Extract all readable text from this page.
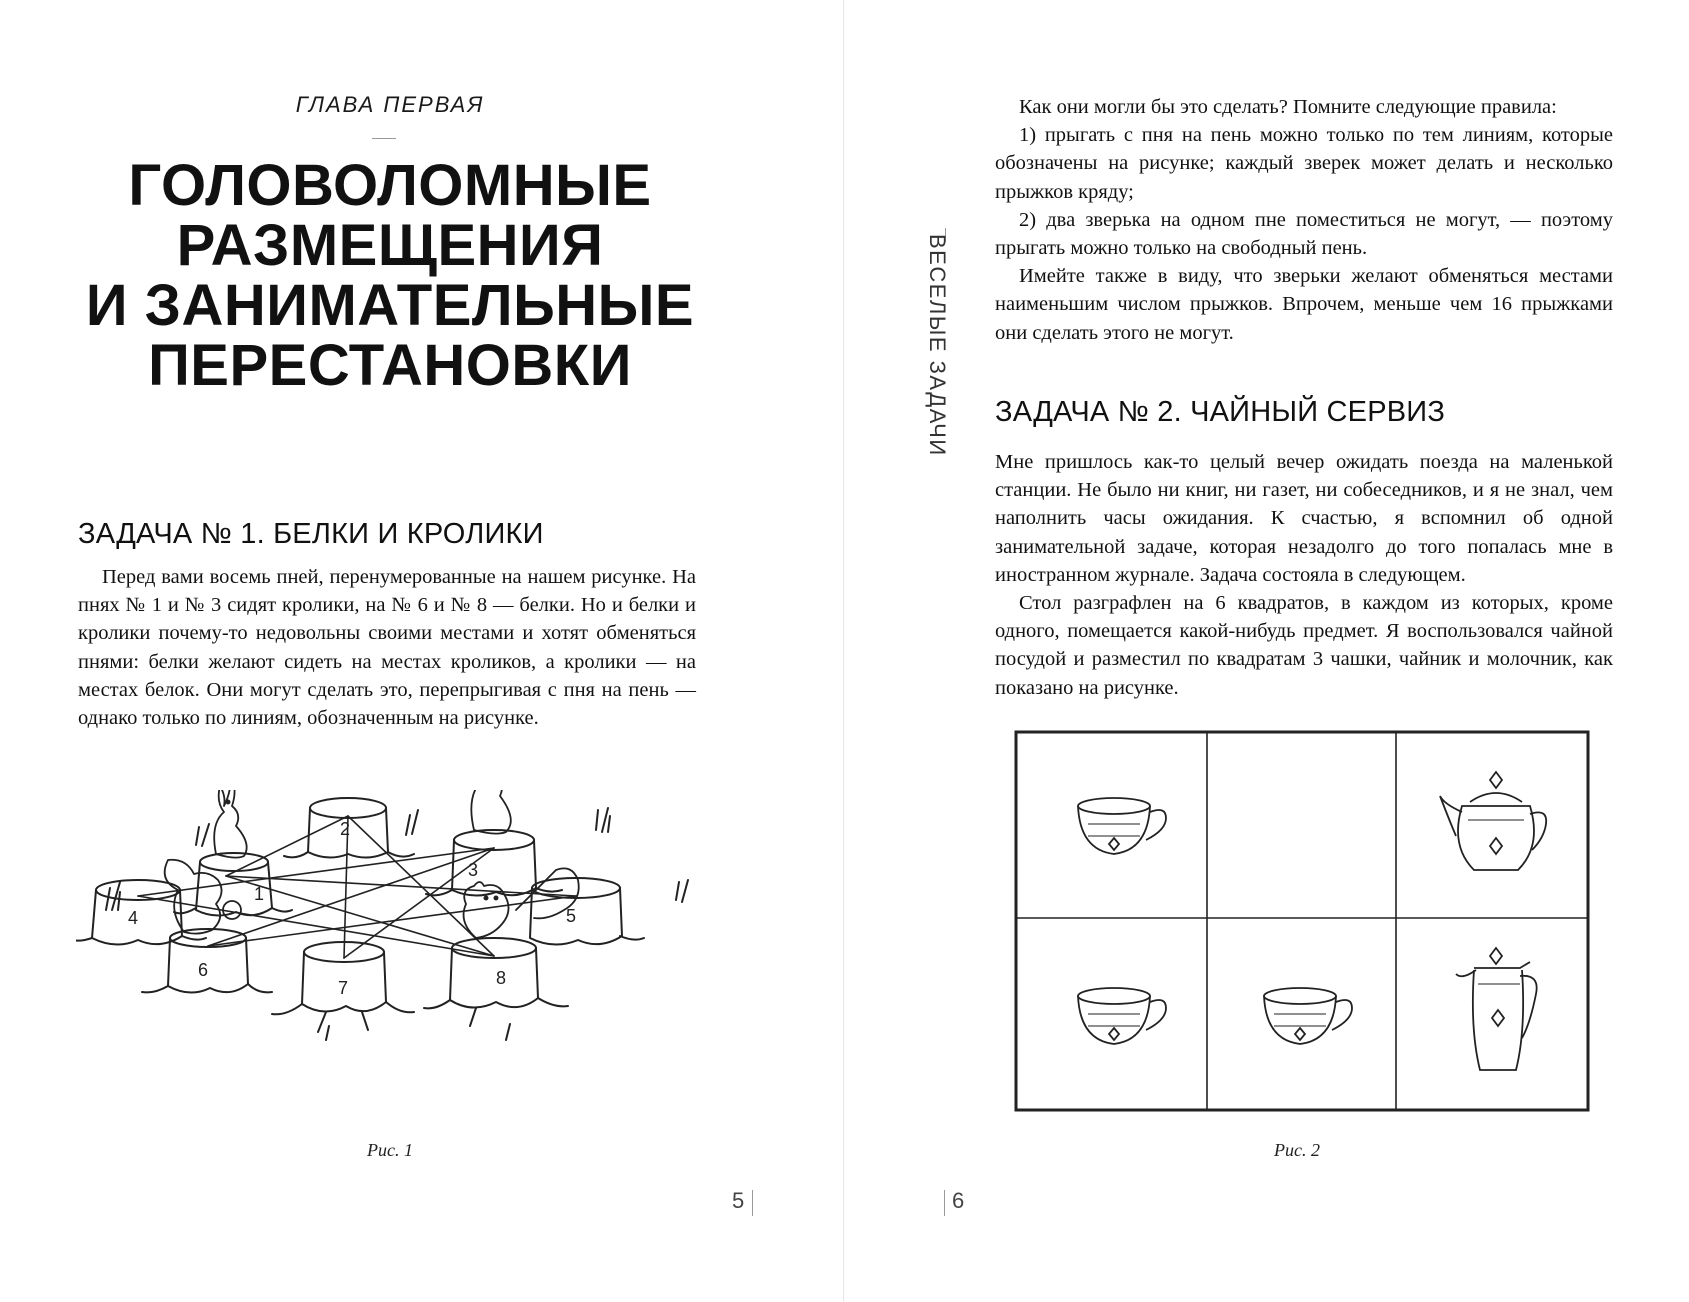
ГЛАВА ПЕРВАЯ
ГОЛОВОЛОМНЫЕ
РАЗМЕЩЕНИЯ
И ЗАНИМАТЕЛЬНЫЕ
ПЕРЕСТАНОВКИ
ЗАДАЧА № 1. БЕЛКИ И КРОЛИКИ

Перед вами восемь пней, перенумерованные на нашем рисунке. На пнях № 1 и № 3 сидят кролики, на № 6 и № 8 — белки. Но и белки и кролики почему-то недовольны своими местами и хотят обменяться пнями: белки желают сидеть на местах кроликов, а кролики — на местах белок. Они могут сделать это, перепрыгивая с пня на пень — однако только по линиям, обозначенным на рисунке.

1
2
3
4	5
6
7	8
Рис. 1
5
ВЕСЕЛЫЕ ЗАДАЧИ

Как они могли бы это сделать? Помните следующие правила:

1) прыгать с пня на пень можно только по тем линиям, которые обозначены на рисунке; каждый зверек может делать и несколько прыжков кряду;

2) два зверька на одном пне поместиться не могут, — поэтому прыгать можно только на свободный пень.

Имейте также в виду, что зверьки желают обменяться местами наименьшим числом прыжков. Впрочем, меньше чем 16 прыжками они сделать этого не могут.

ЗАДАЧА № 2. ЧАЙНЫЙ СЕРВИЗ

Мне пришлось как-то целый вечер ожидать поезда на маленькой станции. Не было ни книг, ни газет, ни собеседников, и я не знал, чем наполнить часы ожидания. К счастью, я вспомнил об одной занимательной задаче, которая незадолго до того попалась мне в иностранном журнале. Задача состояла в следующем.

Стол разграфлен на 6 квадратов, в каждом из которых, кроме одного, помещается какой-нибудь предмет. Я воспользовался чайной посудой и разместил по квадратам 3 чашки, чайник и молочник, как показано на рисунке.

Рис. 2
6
